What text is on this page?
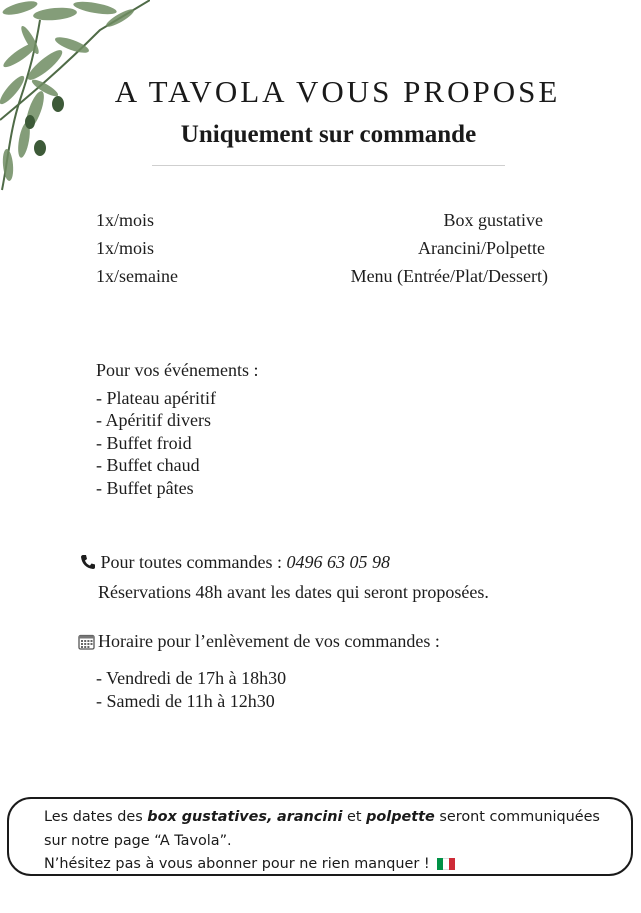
A TAVOLA VOUS PROPOSE
Uniquement sur commande
1x/mois	Box gustative
1x/mois	Arancini/Polpette
1x/semaine	Menu (Entrée/Plat/Dessert)
Pour vos événements :
- Plateau apéritif
- Apéritif divers
- Buffet froid
- Buffet chaud
- Buffet pâtes
Pour toutes commandes : 0496 63 05 98
Réservations 48h avant les dates qui seront proposées.
Horaire pour l’enlèvement de vos commandes :
- Vendredi de 17h à 18h30
- Samedi de 11h à 12h30
Les dates des box gustatives, arancini et polpette seront communiquées sur notre page “A Tavola”.
N’hésitez pas à vous abonner pour ne rien manquer !
